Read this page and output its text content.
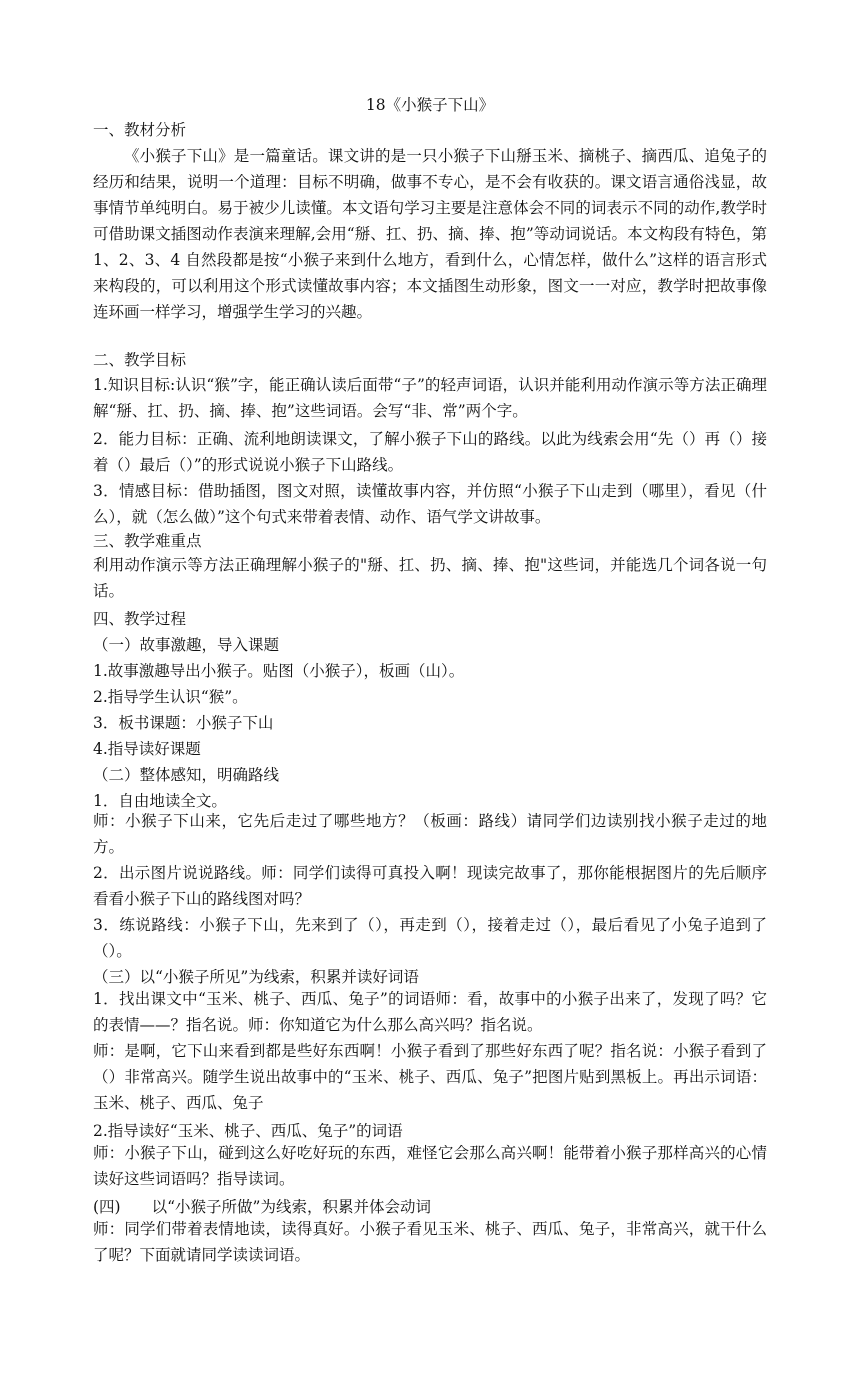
18《小猴子下山》
一、教材分析

《小猴子下山》是一篇童话。课文讲的是一只小猴子下山掰玉米、摘桃子、摘西瓜、追兔子的经历和结果，说明一个道理：目标不明确，做事不专心，是不会有收获的。课文语言通俗浅显，故事情节单纯明白。易于被少儿读懂。本文语句学习主要是注意体会不同的词表示不同的动作,教学时可借助课文插图动作表演来理解,会用“掰、扛、扔、摘、捧、抱”等动词说话。本文构段有特色，第 1、2、3、4 自然段都是按“小猴子来到什么地方，看到什么，心情怎样，做什么”这样的语言形式来构段的，可以利用这个形式读懂故事内容；本文插图生动形象，图文一一对应，教学时把故事像连环画一样学习，增强学生学习的兴趣。

二、教学目标

1.知识目标:认识“猴”字，能正确认读后面带“子”的轻声词语，认识并能利用动作演示等方法正确理解“掰、扛、扔、摘、捧、抱”这些词语。会写“非、常”两个字。

2．能力目标：正确、流利地朗读课文，了解小猴子下山的路线。以此为线索会用“先（）再（）接着（）最后（）”的形式说说小猴子下山路线。

3．情感目标：借助插图，图文对照，读懂故事内容，并仿照“小猴子下山走到（哪里），看见（什么），就（怎么做）”这个句式来带着表情、动作、语气学文讲故事。

三、教学难重点

利用动作演示等方法正确理解小猴子的"掰、扛、扔、摘、捧、抱"这些词，并能选几个词各说一句话。

四、教学过程
（一）故事激趣，导入课题
1.故事激趣导出小猴子。贴图（小猴子），板画（山）。
2.指导学生认识“猴”。
3．板书课题：小猴子下山
4.指导读好课题
（二）整体感知，明确路线
1．自由地读全文。

师：小猴子下山来，它先后走过了哪些地方？（板画：路线）请同学们边读别找小猴子走过的地方。

2．出示图片说说路线。师：同学们读得可真投入啊！现读完故事了，那你能根据图片的先后顺序看看小猴子下山的路线图对吗？

3．练说路线：小猴子下山，先来到了（），再走到（），接着走过（），最后看见了小兔子追到了（）。

（三）以“小猴子所见”为线索，积累并读好词语

1．找出课文中“玉米、桃子、西瓜、兔子”的词语师：看，故事中的小猴子出来了，发现了吗？它的表情——？指名说。师：你知道它为什么那么高兴吗？指名说。

师：是啊，它下山来看到都是些好东西啊！小猴子看到了那些好东西了呢？指名说：小猴子看到了（）非常高兴。随学生说出故事中的“玉米、桃子、西瓜、兔子”把图片贴到黑板上。再出示词语：玉米、桃子、西瓜、兔子

2.指导读好“玉米、桃子、西瓜、兔子”的词语

师：小猴子下山，碰到这么好吃好玩的东西，难怪它会那么高兴啊！能带着小猴子那样高兴的心情读好这些词语吗？指导读词。

(四)　　以“小猴子所做”为线索，积累并体会动词

师：同学们带着表情地读，读得真好。小猴子看见玉米、桃子、西瓜、兔子，非常高兴，就干什么了呢？下面就请同学读读词语。
